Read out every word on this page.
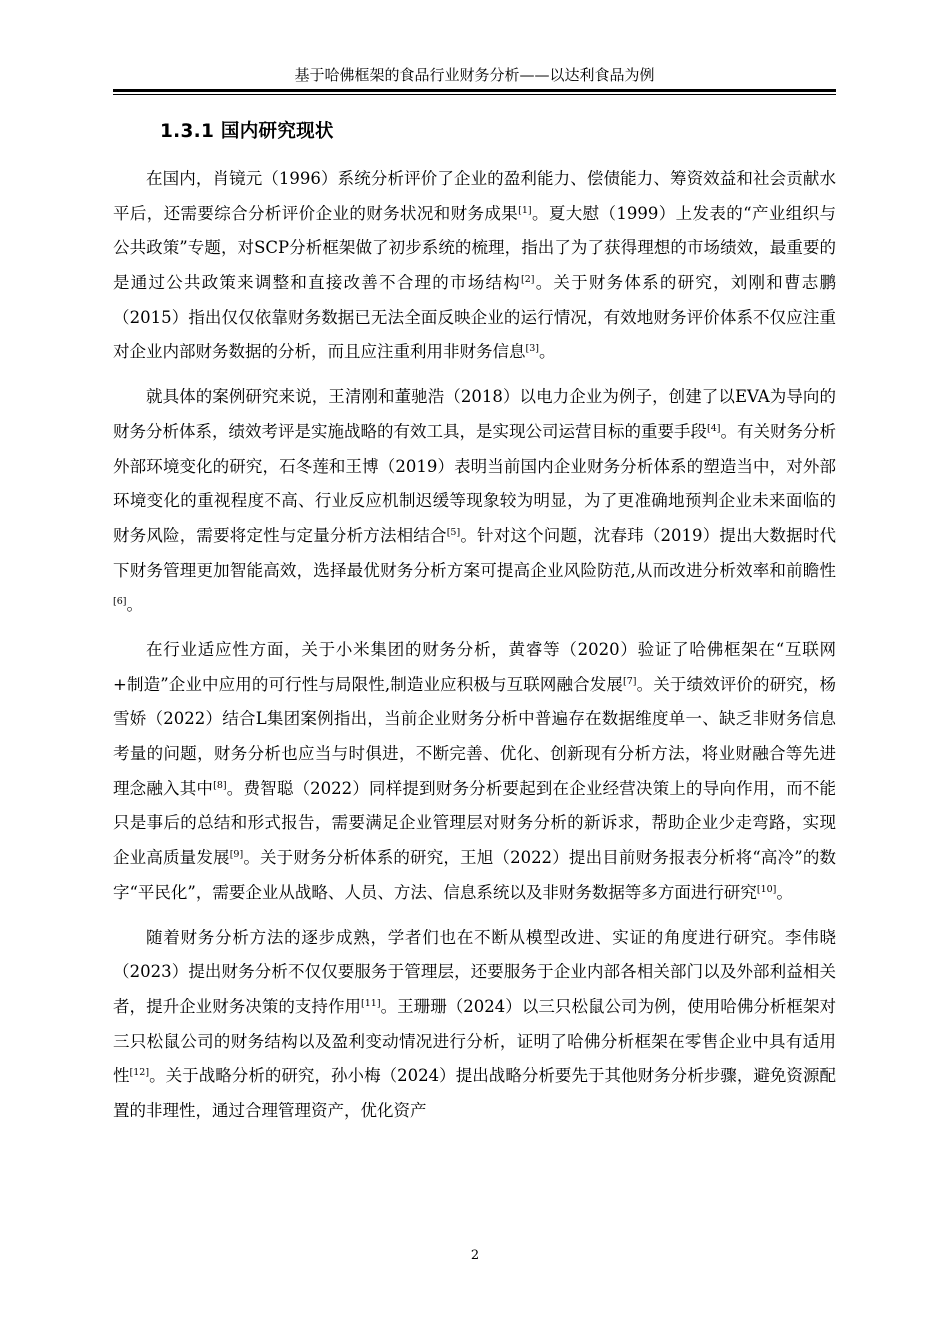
基于哈佛框架的食品行业财务分析——以达利食品为例
1.3.1 国内研究现状

在国内，肖镜元（1996）系统分析评价了企业的盈利能力、偿债能力、筹资效益和社会贡献水平后，还需要综合分析评价企业的财务状况和财务成果[1]。夏大慰（1999）上发表的“产业组织与公共政策”专题，对SCP分析框架做了初步系统的梳理，指出了为了获得理想的市场绩效，最重要的是通过公共政策来调整和直接改善不合理的市场结构[2]。关于财务体系的研究，刘刚和曹志鹏（2015）指出仅仅依靠财务数据已无法全面反映企业的运行情况，有效地财务评价体系不仅应注重对企业内部财务数据的分析，而且应注重利用非财务信息[3]。

就具体的案例研究来说，王清刚和董驰浩（2018）以电力企业为例子，创建了以EVA为导向的财务分析体系，绩效考评是实施战略的有效工具，是实现公司运营目标的重要手段[4]。有关财务分析外部环境变化的研究，石冬莲和王博（2019）表明当前国内企业财务分析体系的塑造当中，对外部环境变化的重视程度不高、行业反应机制迟缓等现象较为明显，为了更准确地预判企业未来面临的财务风险，需要将定性与定量分析方法相结合[5]。针对这个问题，沈春玮（2019）提出大数据时代下财务管理更加智能高效，选择最优财务分析方案可提高企业风险防范,从而改进分析效率和前瞻性[6]。

在行业适应性方面，关于小米集团的财务分析，黄睿等（2020）验证了哈佛框架在“互联网+制造”企业中应用的可行性与局限性,制造业应积极与互联网融合发展[7]。关于绩效评价的研究，杨雪娇（2022）结合L集团案例指出，当前企业财务分析中普遍存在数据维度单一、缺乏非财务信息考量的问题，财务分析也应当与时俱进，不断完善、优化、创新现有分析方法，将业财融合等先进理念融入其中[8]。费智聪（2022）同样提到财务分析要起到在企业经营决策上的导向作用，而不能只是事后的总结和形式报告，需要满足企业管理层对财务分析的新诉求，帮助企业少走弯路，实现企业高质量发展[9]。关于财务分析体系的研究，王旭（2022）提出目前财务报表分析将“高冷”的数字“平民化”，需要企业从战略、人员、方法、信息系统以及非财务数据等多方面进行研究[10]。

随着财务分析方法的逐步成熟，学者们也在不断从模型改进、实证的角度进行研究。李伟晓（2023）提出财务分析不仅仅要服务于管理层，还要服务于企业内部各相关部门以及外部利益相关者，提升企业财务决策的支持作用[11]。王珊珊（2024）以三只松鼠公司为例，使用哈佛分析框架对三只松鼠公司的财务结构以及盈利变动情况进行分析，证明了哈佛分析框架在零售企业中具有适用性[12]。关于战略分析的研究，孙小梅（2024）提出战略分析要先于其他财务分析步骤，避免资源配置的非理性，通过合理管理资产，优化资产

2
